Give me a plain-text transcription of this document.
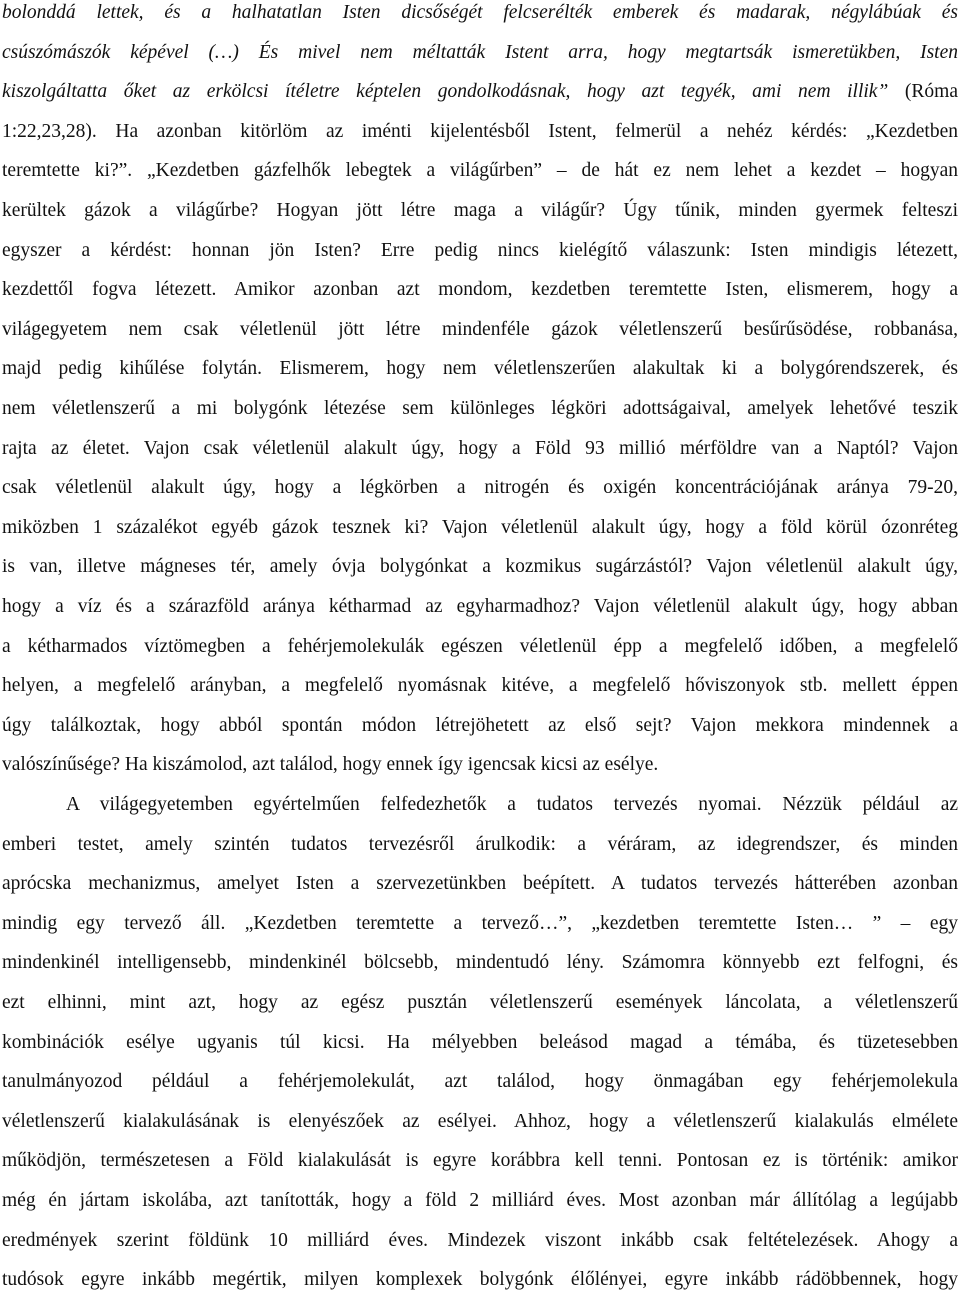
bolonddá lettek, és a halhatatlan Isten dicsőségét felcserélték emberek és madarak, négylábúak és
csúszómászók képével (…) És mivel nem méltatták Istent arra, hogy megtartsák ismeretükben, Isten
kiszolgáltatta őket az erkölcsi ítéletre képtelen gondolkodásnak, hogy azt tegyék, ami nem illik” (Róma
1:22,23,28). Ha azonban kitörlöm az iménti kijelentésből Istent, felmerül a nehéz kérdés: „Kezdetben
teremtette ki?”. „Kezdetben gázfelhők lebegtek a világűrben” – de hát ez nem lehet a kezdet – hogyan
kerültek gázok a világűrbe? Hogyan jött létre maga a világűr? Úgy tűnik, minden gyermek felteszi
egyszer a kérdést: honnan jön Isten? Erre pedig nincs kielégítő válaszunk: Isten mindigis létezett,
kezdettől fogva létezett. Amikor azonban azt mondom, kezdetben teremtette Isten, elismerem, hogy a
világegyetem nem csak véletlenül jött létre mindenféle gázok véletlenszerű besűrűsödése, robbanása,
majd pedig kihűlése folytán. Elismerem, hogy nem véletlenszerűen alakultak ki a bolygórendszerek, és
nem véletlenszerű a mi bolygónk létezése sem különleges légköri adottságaival, amelyek lehetővé teszik
rajta az életet. Vajon csak véletlenül alakult úgy, hogy a Föld 93 millió mérföldre van a Naptól? Vajon
csak véletlenül alakult úgy, hogy a légkörben a nitrogén és oxigén koncentrációjának aránya 79-20,
miközben 1 százalékot egyéb gázok tesznek ki? Vajon véletlenül alakult úgy, hogy a föld körül ózonréteg
is van, illetve mágneses tér, amely óvja bolygónkat a kozmikus sugárzástól? Vajon véletlenül alakult úgy,
hogy a víz és a szárazföld aránya kétharmad az egyharmadhoz? Vajon véletlenül alakult úgy, hogy abban
a kétharmados víztömegben a fehérjemolekulák egészen véletlenül épp a megfelelő időben, a megfelelő
helyen, a megfelelő arányban, a megfelelő nyomásnak kitéve, a megfelelő hőviszonyok stb. mellett éppen
úgy találkoztak, hogy abból spontán módon létrejöhetett az első sejt? Vajon mekkora mindennek a
valószínűsége? Ha kiszámolod, azt találod, hogy ennek így igencsak kicsi az esélye.
A világegyetemben egyértelműen felfedezhetők a tudatos tervezés nyomai. Nézzük például az
emberi testet, amely szintén tudatos tervezésről árulkodik: a véráram, az idegrendszer, és minden
aprócska mechanizmus, amelyet Isten a szervezetünkben beépített. A tudatos tervezés hátterében azonban
mindig egy tervező áll. „Kezdetben teremtette a tervező…”, „kezdetben teremtette Isten… ” – egy
mindenkinél intelligensebb, mindenkinél bölcsebb, mindentudó lény. Számomra könnyebb ezt felfogni, és
ezt elhinni, mint azt, hogy az egész pusztán véletlenszerű események láncolata, a véletlenszerű
kombinációk esélye ugyanis túl kicsi. Ha mélyebben beleásod magad a témába, és tüzetesebben
tanulmányozod például a fehérjemolekulát, azt találod, hogy önmagában egy fehérjemolekula
véletlenszerű kialakulásának is elenyészőek az esélyei. Ahhoz, hogy a véletlenszerű kialakulás elmélete
működjön, természetesen a Föld kialakulását is egyre korábbra kell tenni. Pontosan ez is történik: amikor
még én jártam iskolába, azt tanították, hogy a föld 2 milliárd éves. Most azonban már állítólag a legújabb
eredmények szerint földünk 10 milliárd éves. Mindezek viszont inkább csak feltételezések. Ahogy a
tudósok egyre inkább megértik, milyen komplexek bolygónk élőlényei, egyre inkább rádöbbennek, hogy
